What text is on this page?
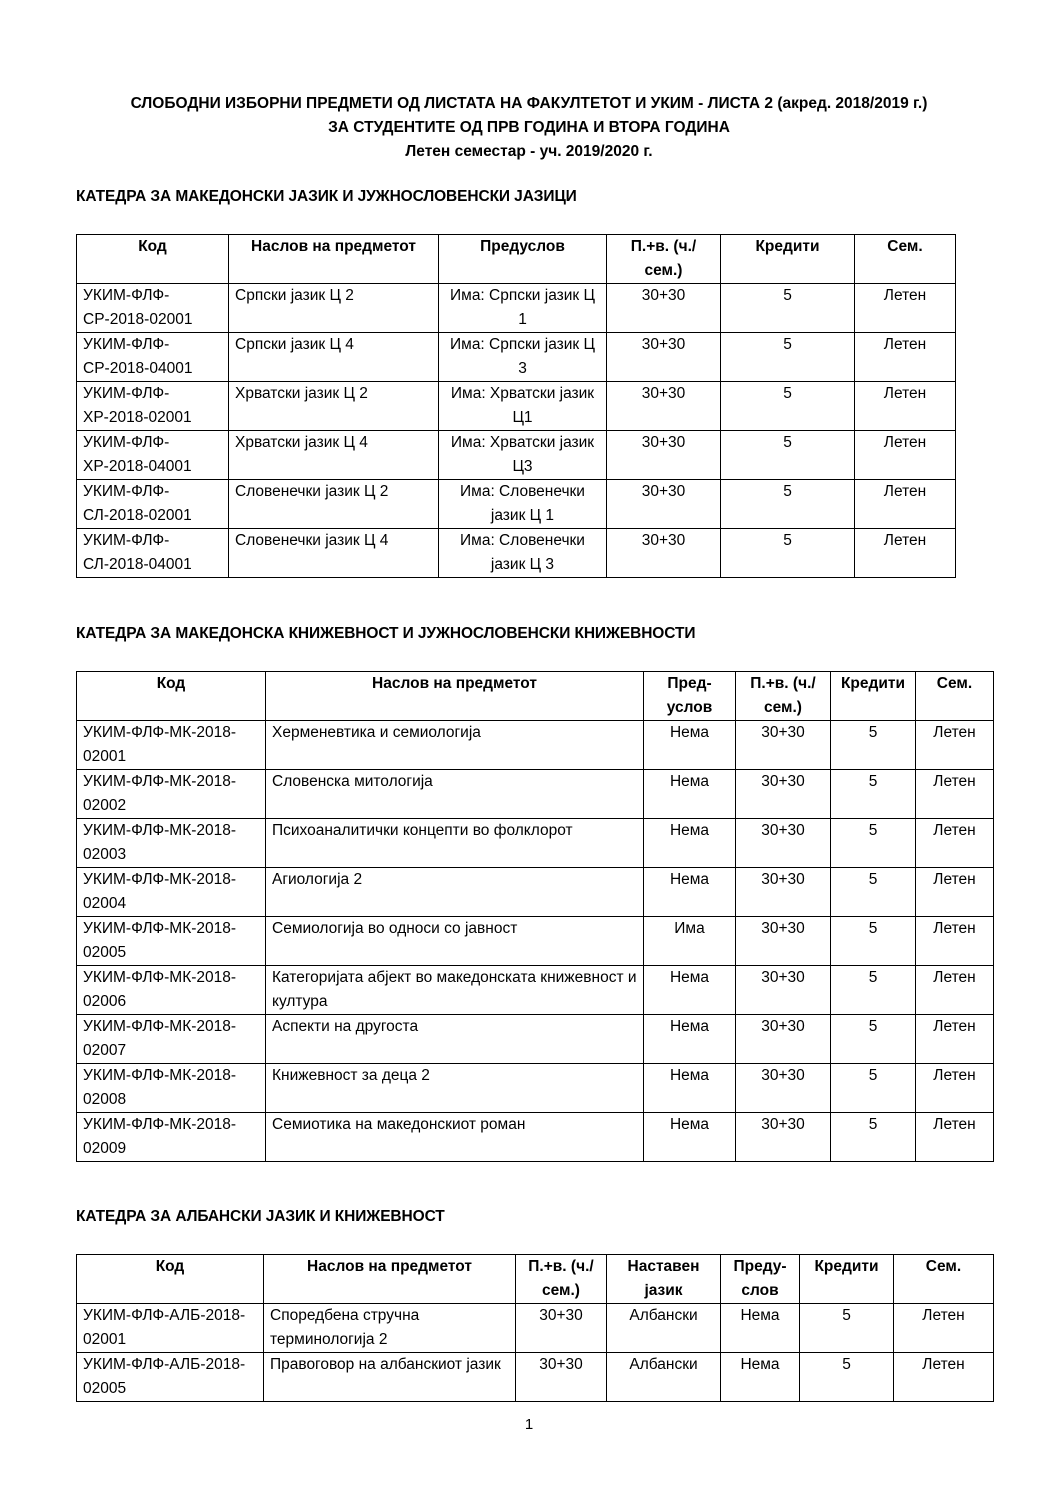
СЛОБОДНИ ИЗБОРНИ ПРЕДМЕТИ ОД ЛИСТАТА НА ФАКУЛТЕТОТ И УКИМ - ЛИСТА 2 (акред. 2018/2019 г.)
ЗА СТУДЕНТИТЕ ОД ПРВ ГОДИНА И ВТОРА ГОДИНА
Летен семестар - уч. 2019/2020 г.
КАТЕДРА ЗА МАКЕДОНСКИ ЈАЗИК И ЈУЖНОСЛОВЕНСКИ ЈАЗИЦИ
Код	Наслов на предметот	Предуслов	П.+в. (ч./сем.)	Кредити	Сем.
УКИМ-ФЛФ-СР-2018-02001	Српски јазик Ц 2	Има: Српски јазик Ц 1	30+30	5	Летен
УКИМ-ФЛФ-СР-2018-04001	Српски јазик Ц 4	Има: Српски јазик Ц 3	30+30	5	Летен
УКИМ-ФЛФ-ХР-2018-02001	Хрватски јазик Ц 2	Има: Хрватски јазик Ц1	30+30	5	Летен
УКИМ-ФЛФ-ХР-2018-04001	Хрватски јазик Ц 4	Има: Хрватски јазик Ц3	30+30	5	Летен
УКИМ-ФЛФ-СЛ-2018-02001	Словенечки јазик Ц 2	Има: Словенечки јазик Ц 1	30+30	5	Летен
УКИМ-ФЛФ-СЛ-2018-04001	Словенечки јазик Ц 4	Има: Словенечки јазик Ц 3	30+30	5	Летен
КАТЕДРА ЗА МАКЕДОНСКА КНИЖЕВНОСТ И ЈУЖНОСЛОВЕНСКИ КНИЖЕВНОСТИ
Код	Наслов на предметот	Пред-услов	П.+в. (ч./сем.)	Кредити	Сем.
УКИМ-ФЛФ-МК-2018-02001	Херменевтика и семиологија	Нема	30+30	5	Летен
УКИМ-ФЛФ-МК-2018-02002	Словенска митологија	Нема	30+30	5	Летен
УКИМ-ФЛФ-МК-2018-02003	Психоаналитички концепти во фолклорот	Нема	30+30	5	Летен
УКИМ-ФЛФ-МК-2018-02004	Агиологија 2	Нема	30+30	5	Летен
УКИМ-ФЛФ-МК-2018-02005	Семиологија во односи со јавност	Има	30+30	5	Летен
УКИМ-ФЛФ-МК-2018-02006	Категоријата абјект во македонската книжевност и култура	Нема	30+30	5	Летен
УКИМ-ФЛФ-МК-2018-02007	Аспекти на другоста	Нема	30+30	5	Летен
УКИМ-ФЛФ-МК-2018-02008	Книжевност за деца 2	Нема	30+30	5	Летен
УКИМ-ФЛФ-МК-2018-02009	Семиотика на македонскиот роман	Нема	30+30	5	Летен
КАТЕДРА ЗА АЛБАНСКИ ЈАЗИК И КНИЖЕВНОСТ
Код	Наслов на предметот	П.+в. (ч./сем.)	Наставен јазик	Преду-слов	Кредити	Сем.
УКИМ-ФЛФ-АЛБ-2018-02001	Споредбена стручна терминологија 2	30+30	Албански	Нема	5	Летен
УКИМ-ФЛФ-АЛБ-2018-02005	Правоговор на албанскиот јазик	30+30	Албански	Нема	5	Летен
1
